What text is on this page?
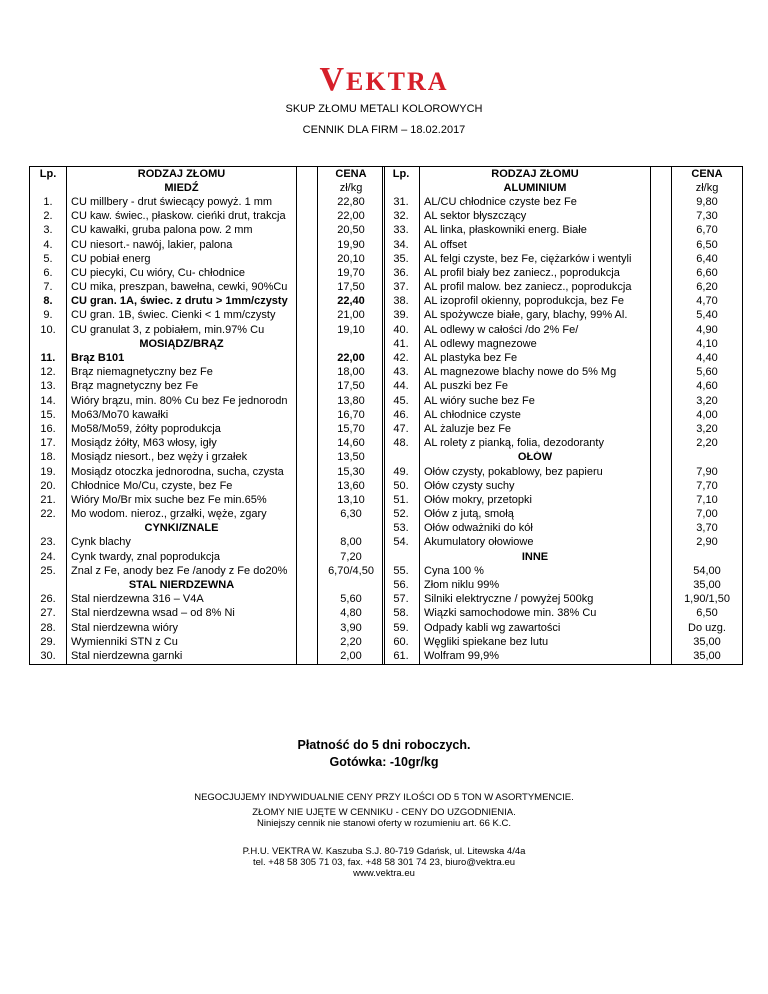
VEKTRA
SKUP ZŁOMU METALI KOLOROWYCH
CENNIK DLA FIRM – 18.02.2017
Lp.	RODZAJ ZŁOMU		CENA
	MIEDŹ		zł/kg
1.	CU millbery - drut świecący powyż. 1 mm		22,80
2.	CU kaw. świec., płaskow. cieńki drut, trakcja		22,00
3.	CU kawałki, gruba palona pow. 2 mm		20,50
4.	CU niesort.- nawój, lakier, palona		19,90
5.	CU pobiał energ		20,10
6.	CU piecyki, Cu wióry, Cu- chłodnice		19,70
7.	CU mika, preszpan, bawełna, cewki, 90%Cu		17,50
8.	CU gran. 1A, świec. z drutu > 1mm/czysty		22,40
9.	CU gran. 1B, świec. Cienki < 1 mm/czysty		21,00
10.	CU granulat 3, z pobiałem, min.97% Cu		19,10
	MOSIĄDZ/BRĄZ		
11.	Brąz B101		22,00
12.	Brąz niemagnetyczny bez Fe		18,00
13.	Brąz magnetyczny bez Fe		17,50
14.	Wióry brązu, min. 80% Cu bez Fe jednorodn		13,80
15.	Mo63/Mo70 kawałki		16,70
16.	Mo58/Mo59, żółty poprodukcja		15,70
17.	Mosiądz żółty, M63 włosy, igły		14,60
18.	Mosiądz niesort., bez węży i grzałek		13,50
19.	Mosiądz otoczka jednorodna, sucha, czysta		15,30
20.	Chłodnice Mo/Cu, czyste, bez Fe		13,60
21.	Wióry Mo/Br mix suche bez Fe min.65%		13,10
22.	Mo wodom. nieroz., grzałki, węże, zgary		6,30
	CYNKI/ZNALE		
23.	Cynk blachy		8,00
24.	Cynk twardy, znal poprodukcja		7,20
25.	Znal z Fe, anody bez Fe /anody z Fe do20%		6,70/4,50
	STAL NIERDZEWNA		
26.	Stal nierdzewna 316 – V4A		5,60
27.	Stal nierdzewna wsad – od 8% Ni		4,80
28.	Stal nierdzewna wióry		3,90
29.	Wymienniki STN z Cu		2,20
30.	Stal nierdzewna garnki		2,00
Lp.	RODZAJ ZŁOMU		CENA
	ALUMINIUM		zł/kg
31.	AL/CU chłodnice czyste bez Fe		9,80
32.	AL sektor błyszczący		7,30
33.	AL linka, płaskowniki energ. Białe		6,70
34.	AL offset		6,50
35.	AL felgi czyste, bez Fe, ciężarków i wentyli		6,40
36.	AL profil biały bez zaniecz., poprodukcja		6,60
37.	AL profil malow. bez zaniecz., poprodukcja		6,20
38.	AL izoprofil okienny, poprodukcja, bez Fe		4,70
39.	AL spożywcze białe, gary, blachy, 99% Al.		5,40
40.	AL odlewy w całości /do 2% Fe/		4,90
41.	AL odlewy magnezowe		4,10
42.	AL plastyka bez Fe		4,40
43.	AL magnezowe blachy nowe do 5% Mg		5,60
44.	AL puszki bez Fe		4,60
45.	AL wióry suche bez Fe		3,20
46.	AL chłodnice czyste		4,00
47.	AL żaluzje bez Fe		3,20
48.	AL rolety z pianką, folia, dezodoranty		2,20
	OŁÓW		
49.	Ołów czysty, pokablowy, bez papieru		7,90
50.	Ołów czysty suchy		7,70
51.	Ołów mokry, przetopki		7,10
52.	Ołów z jutą, smołą		7,00
53.	Ołów odważniki do kół		3,70
54.	Akumulatory ołowiowe		2,90
	INNE		
55.	Cyna 100 %		54,00
56.	Złom niklu 99%		35,00
57.	Silniki elektryczne / powyżej 500kg		1,90/1,50
58.	Wiązki samochodowe min. 38% Cu		6,50
59.	Odpady kabli wg zawartości		Do uzg.
60.	Węgliki spiekane bez lutu		35,00
61.	Wolfram 99,9%		35,00
Płatność do 5 dni roboczych.
Gotówka: -10gr/kg
NEGOCJUJEMY INDYWIDUALNIE CENY PRZY ILOŚCI OD 5 TON W ASORTYMENCIE.
ZŁOMY NIE UJĘTE W CENNIKU - CENY DO UZGODNIENIA.
Niniejszy cennik nie stanowi oferty w rozumieniu art. 66 K.C.
P.H.U. VEKTRA W. Kaszuba S.J. 80-719 Gdańsk, ul. Litewska 4/4a
tel. +48 58 305 71 03, fax. +48 58 301 74 23, biuro@vektra.eu
www.vektra.eu
